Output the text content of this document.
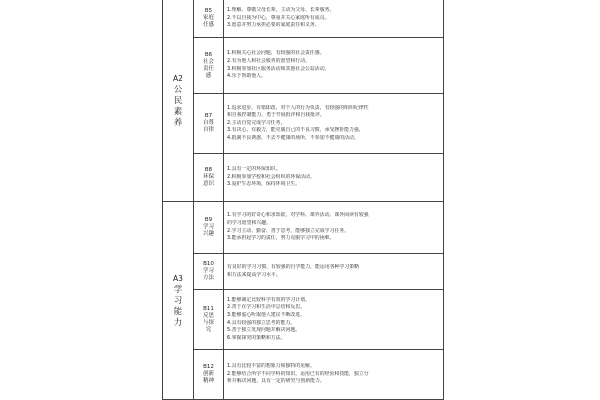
A2
公民素养
A3
学习能力
B5
家庭任感
1.理解、尊敬父母长辈，主动为父母、长辈服务。
2.不以自我为中心，尊重并关心家庭所有成员。
3.愿意并努力承担必要的家庭责任和义务。
B6
社会责任感
1.积极关心社会问题，有较强的社会责任感。
2.有为他人和社会服务的愿望和行动。
3.积极参加社区服务活动和其他社会公益活动。
4.乐于帮助他人。
B7
自尊自律
1.追求进步，有错即改，对个人的行为负责，有较强的组织纪律性
和自我控制能力，勇于开展批评和自我批评。
2.主动自觉完成学习任务。
3.有决心、有毅力，能克服自己的不良习惯，承受挫折能力强，
4.抵制不良诱惑，不去不健康的场所，不参加不健康的活动。
B8
环保意识
1.具有一定的环保知识。
2.积极参加学校和社会组织的环保活动。
3.爱护生态环境，保持环境卫生。
B9
学习兴趣
1.有学习的好奇心和求知欲，对学科、课外活动、课外阅读有较强
的学习愿望和兴趣。
2.学习主动、勤奋、善于思考，能够独立完成学习任务。
3.能承担起学习的责任，努力克服学习中的困难。
B10
学习方法
有良好的学习习惯，有较强的自学能力，能运用各种学习策略
和方法来提高学习水平。
B11
反思与探究
1.能够制定比较科学有效的学习计划。
2.善于在学习和生活中总结和反思。
3.能够虚心听取他人建议不断改进。
4.具有较强的独立思考的能力。
5.善于独立发现问题并解决问题。
6.掌握探究的策略和方法。
B12
创新精神
1.具有比较丰富的想象力和独特的见解。
2.能够结合所学不同学科的知识，运用已有的经验和技能，独立分
析并解决问题，具有一定的研究与创新能力。
